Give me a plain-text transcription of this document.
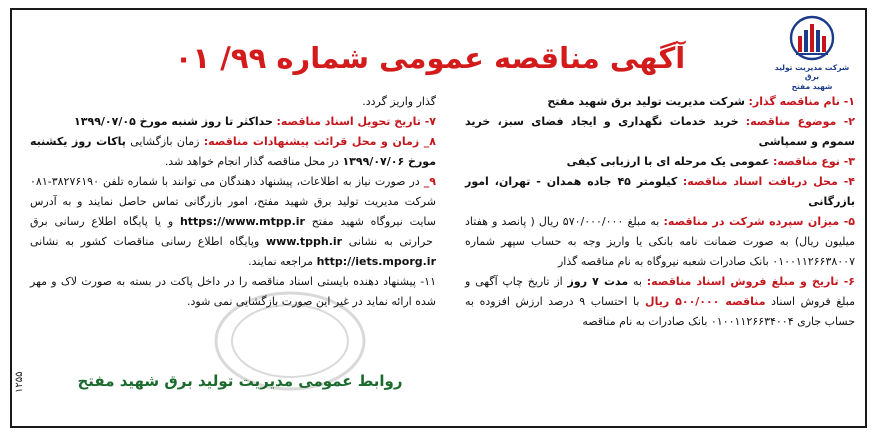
آگهی مناقصه عمومی شماره ۹۹/ ۰۱	شرکت مدیریت تولید برق
شهید مفتح
۱- نام مناقصه گذار: شرکت مدیریت تولید برق شهید مفتح
۲- موضوع مناقصه: خرید خدمات نگهداری و ایجاد فضای سبز، خرید سموم و سمپاشی
۳- نوع مناقصه: عمومی یک مرحله ای با ارزیابی کیفی
۴- محل دریافت اسناد مناقصه: کیلومتر ۴۵ جاده همدان - تهران، امور بازرگانی
۵- میزان سپرده شرکت در مناقصه: به مبلغ ۵۷۰/۰۰۰/۰۰۰ ریال ( پانصد و هفتاد میلیون ریال) به صورت ضمانت نامه بانکی یا واریز وجه به حساب سپهر شماره ۰۱۰۰۱۱۲۶۶۳۸۰۰۷ بانک صادرات شعبه نیروگاه به نام مناقصه گذار
۶- تاریخ و مبلغ فروش اسناد مناقصه: به مدت ۷ روز از تاریخ چاپ آگهی و مبلغ فروش اسناد مناقصه ۵۰۰/۰۰۰ ریال با احتساب ۹ درصد ارزش افزوده به حساب جاری ۰۱۰۰۱۱۲۶۶۳۴۰۰۴ بانک صادرات به نام مناقصه
گذار واریز گردد.
۷- تاریخ تحویل اسناد مناقصه: حداکثر تا روز شنبه مورخ ۱۳۹۹/۰۷/۰۵
۸_ زمان و محل قرائت پیشنهادات مناقصه: زمان بازگشایی پاکات روز یکشنبه مورخ ۱۳۹۹/۰۷/۰۶ در محل مناقصه گذار انجام خواهد شد.
۹_ در صورت نیاز به اطلاعات، پیشنهاد دهندگان می توانند با شماره تلفن ۳۸۲۷۶۱۹۰-۰۸۱ شرکت مدیریت تولید برق شهید مفتح، امور بازرگانی تماس حاصل نمایند و به آدرس سایت نیروگاه شهید مفتح https://www.mtpp.ir و یا پایگاه اطلاع رسانی برق حرارتی به نشانی www.tpph.ir وپایگاه اطلاع رسانی مناقصات کشور به نشانی http://iets.mporg.ir مراجعه نمایند.
۱۱- پیشنهاد دهنده بایستی اسناد مناقصه را در داخل پاکت در بسته به صورت لاک و مهر شده ارائه نماید در غیر این صورت بازگشایی نمی شود.
روابط عمومی مدیریت تولید برق شهید مفتح
۱۲۵۵
